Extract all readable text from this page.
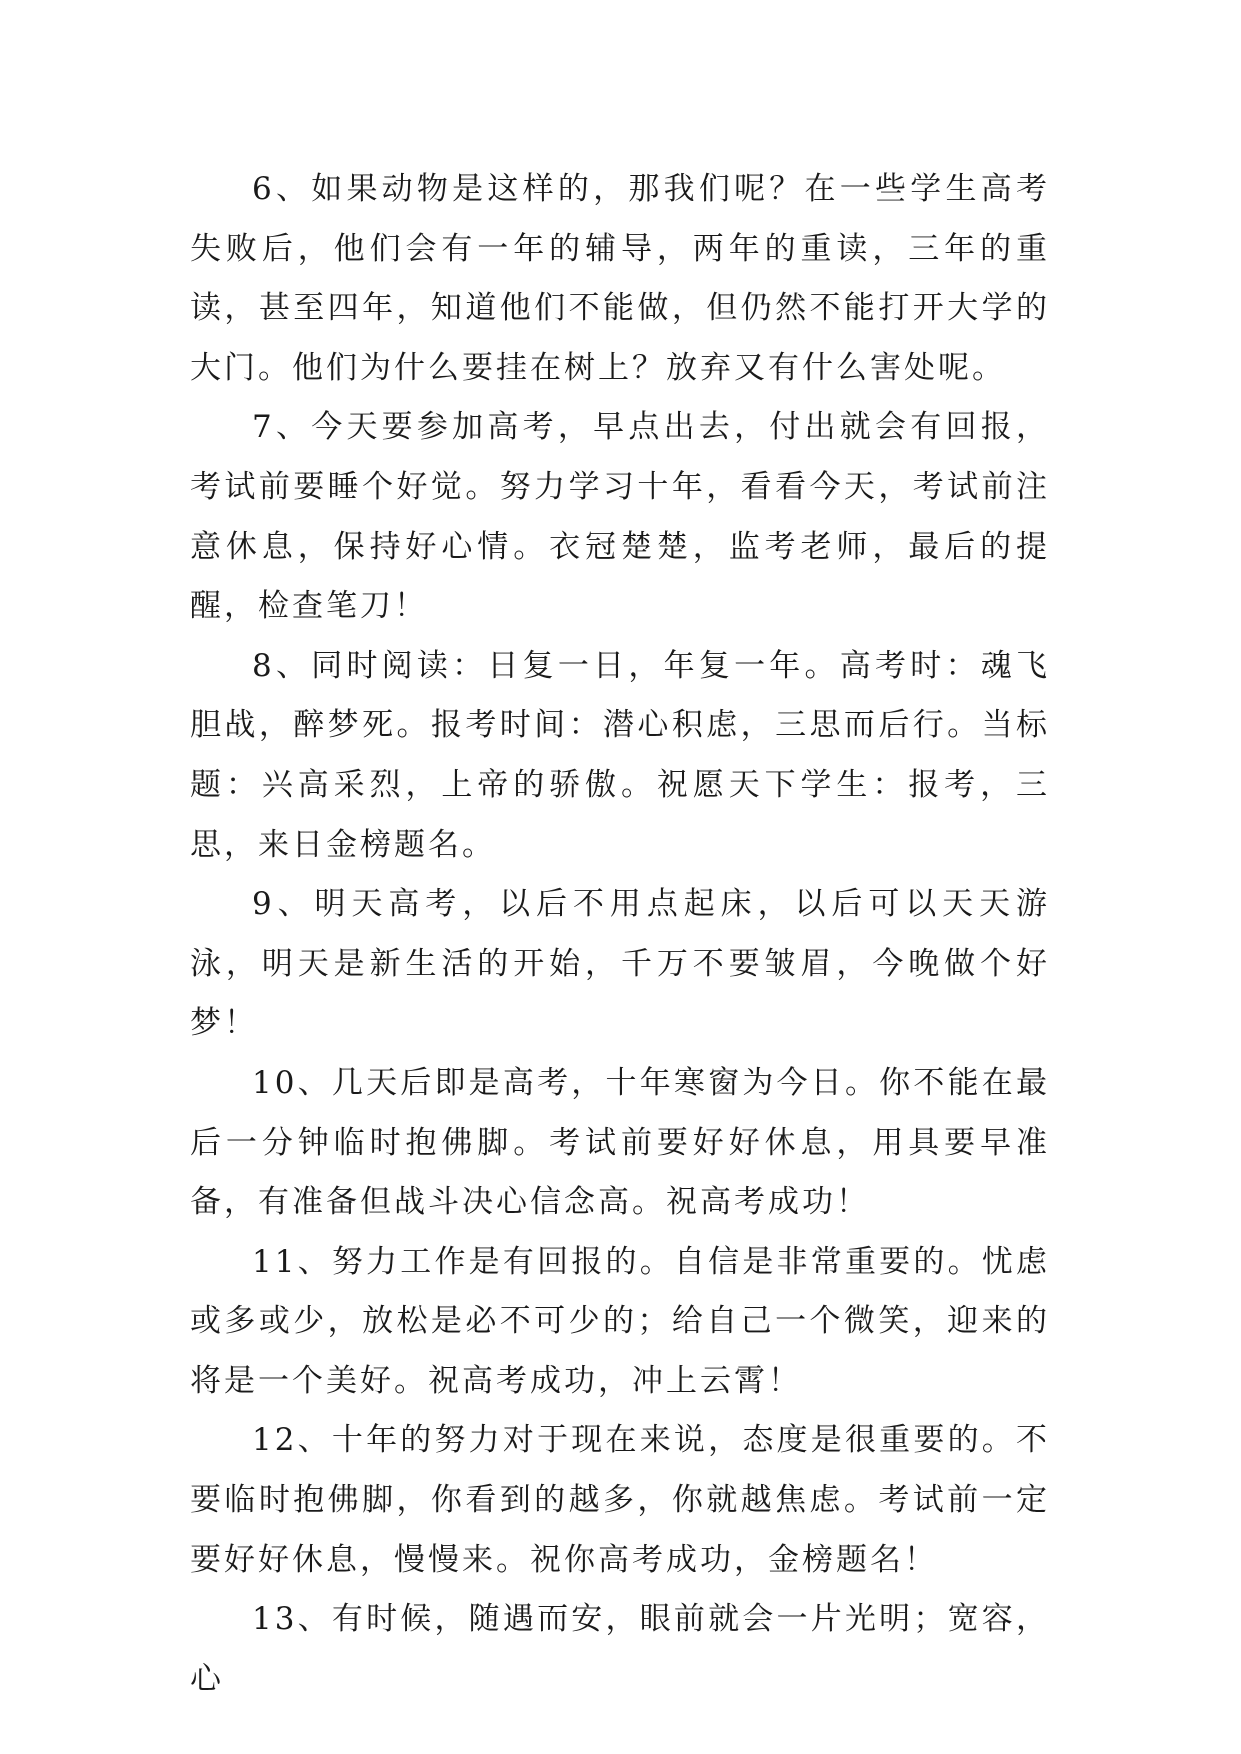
6、如果动物是这样的，那我们呢？在一些学生高考失败后，他们会有一年的辅导，两年的重读，三年的重读，甚至四年，知道他们不能做，但仍然不能打开大学的大门。他们为什么要挂在树上？放弃又有什么害处呢。

7、今天要参加高考，早点出去，付出就会有回报，考试前要睡个好觉。努力学习十年，看看今天，考试前注意休息，保持好心情。衣冠楚楚，监考老师，最后的提醒，检查笔刀！

8、同时阅读：日复一日，年复一年。高考时：魂飞胆战，醉梦死。报考时间：潜心积虑，三思而后行。当标题：兴高采烈，上帝的骄傲。祝愿天下学生：报考，三思，来日金榜题名。

9、明天高考，以后不用点起床，以后可以天天游泳，明天是新生活的开始，千万不要皱眉，今晚做个好梦！

10、几天后即是高考，十年寒窗为今日。你不能在最后一分钟临时抱佛脚。考试前要好好休息，用具要早准备，有准备但战斗决心信念高。祝高考成功！

11、努力工作是有回报的。自信是非常重要的。忧虑或多或少，放松是必不可少的；给自己一个微笑，迎来的将是一个美好。祝高考成功，冲上云霄！

12、十年的努力对于现在来说，态度是很重要的。不要临时抱佛脚，你看到的越多，你就越焦虑。考试前一定要好好休息，慢慢来。祝你高考成功，金榜题名！

13、有时候，随遇而安，眼前就会一片光明；宽容，心
